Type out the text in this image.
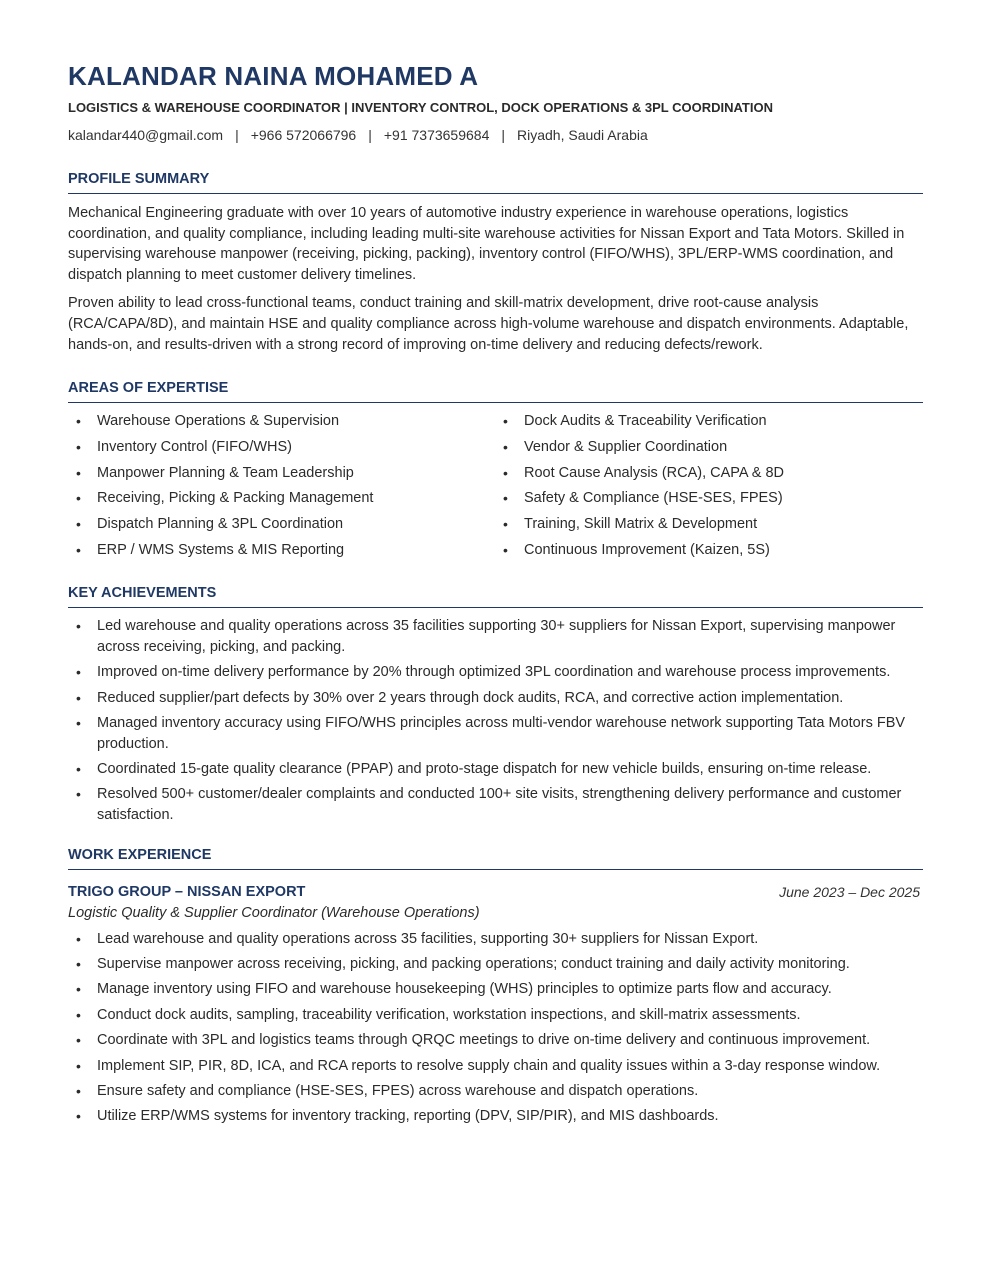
KALANDAR NAINA MOHAMED A
LOGISTICS & WAREHOUSE COORDINATOR | INVENTORY CONTROL, DOCK OPERATIONS & 3PL COORDINATION
kalandar440@gmail.com | +966 572066796 | +91 7373659684 | Riyadh, Saudi Arabia
PROFILE SUMMARY

Mechanical Engineering graduate with over 10 years of automotive industry experience in warehouse operations, logistics coordination, and quality compliance, including leading multi-site warehouse activities for Nissan Export and Tata Motors. Skilled in supervising warehouse manpower (receiving, picking, packing), inventory control (FIFO/WHS), 3PL/ERP-WMS coordination, and dispatch planning to meet customer delivery timelines.

Proven ability to lead cross-functional teams, conduct training and skill-matrix development, drive root-cause analysis (RCA/CAPA/8D), and maintain HSE and quality compliance across high-volume warehouse and dispatch environments. Adaptable, hands-on, and results-driven with a strong record of improving on-time delivery and reducing defects/rework.

AREAS OF EXPERTISE
• Warehouse Operations & Supervision
• Inventory Control (FIFO/WHS)
• Manpower Planning & Team Leadership
• Receiving, Picking & Packing Management
• Dispatch Planning & 3PL Coordination
• ERP / WMS Systems & MIS Reporting
• Dock Audits & Traceability Verification
• Vendor & Supplier Coordination
• Root Cause Analysis (RCA), CAPA & 8D
• Safety & Compliance (HSE-SES, FPES)
• Training, Skill Matrix & Development
• Continuous Improvement (Kaizen, 5S)
KEY ACHIEVEMENTS
• Led warehouse and quality operations across 35 facilities supporting 30+ suppliers for Nissan Export, supervising manpower across receiving, picking, and packing.
• Improved on-time delivery performance by 20% through optimized 3PL coordination and warehouse process improvements.
• Reduced supplier/part defects by 30% over 2 years through dock audits, RCA, and corrective action implementation.
• Managed inventory accuracy using FIFO/WHS principles across multi-vendor warehouse network supporting Tata Motors FBV production.
• Coordinated 15-gate quality clearance (PPAP) and proto-stage dispatch for new vehicle builds, ensuring on-time release.
• Resolved 500+ customer/dealer complaints and conducted 100+ site visits, strengthening delivery performance and customer satisfaction.
WORK EXPERIENCE
TRIGO GROUP – NISSAN EXPORT	June 2023 – Dec 2025
Logistic Quality & Supplier Coordinator (Warehouse Operations)
• Lead warehouse and quality operations across 35 facilities, supporting 30+ suppliers for Nissan Export.
• Supervise manpower across receiving, picking, and packing operations; conduct training and daily activity monitoring.
• Manage inventory using FIFO and warehouse housekeeping (WHS) principles to optimize parts flow and accuracy.
• Conduct dock audits, sampling, traceability verification, workstation inspections, and skill-matrix assessments.
• Coordinate with 3PL and logistics teams through QRQC meetings to drive on-time delivery and continuous improvement.
• Implement SIP, PIR, 8D, ICA, and RCA reports to resolve supply chain and quality issues within a 3-day response window.
• Ensure safety and compliance (HSE-SES, FPES) across warehouse and dispatch operations.
• Utilize ERP/WMS systems for inventory tracking, reporting (DPV, SIP/PIR), and MIS dashboards.
